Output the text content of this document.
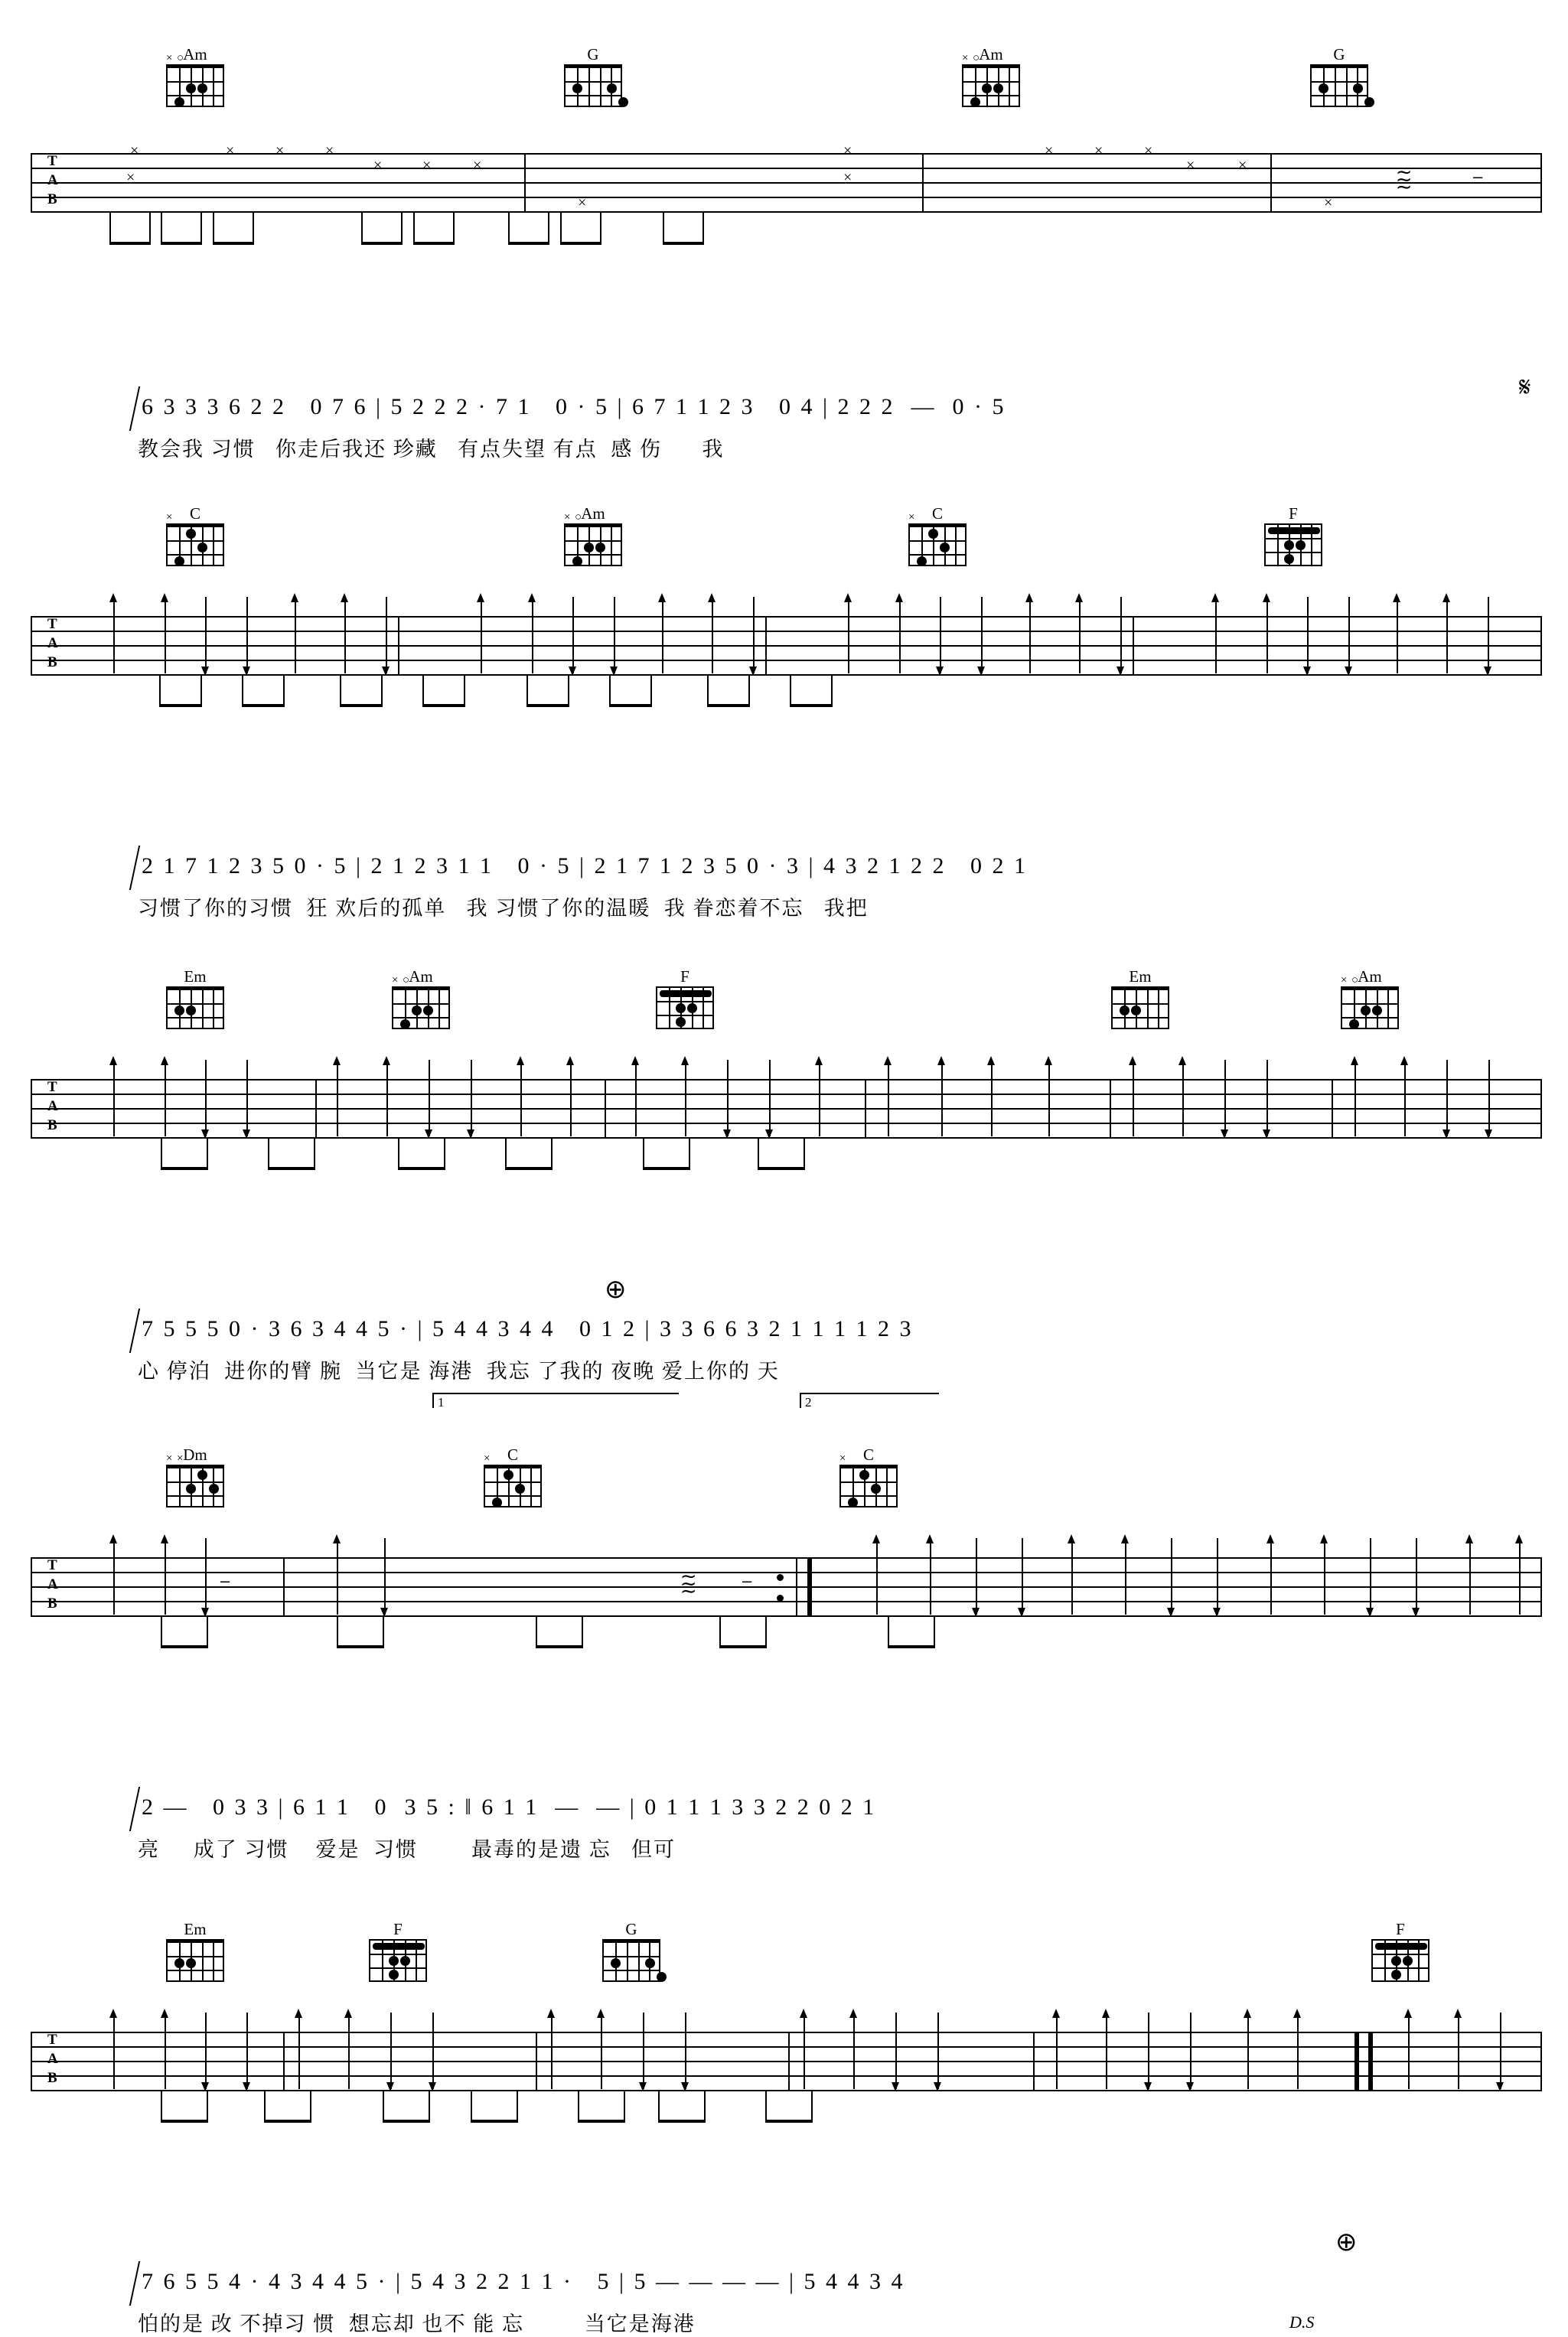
Am
× ○	G	Am
× ○	G
T
A
B
×
×
×	×	×
×	×	×
×
×
×
×	×	×
×	×
×
–
≀≀≀
6 3 3 3 6 2 2   0 7 6 | 5 2 2 2 · 7 1   0 · 5 | 6 7 1 1 2 3   0 4 | 2 2 2  —  0 · 5
教会我 习惯   你走后我还 珍藏   有点失望 有点  感 伤      我
𝄋
C
×	Am
× ○	C
×	F
T
A
B
2 1 7 1 2 3 5 0 · 5 | 2 1 2 3 1 1   0 · 5 | 2 1 7 1 2 3 5 0 · 3 | 4 3 2 1 2 2   0 2 1
习惯了你的习惯  狂 欢后的孤单   我 习惯了你的温暖  我 眷恋着不忘   我把
Em	Am
× ○	F	Em	Am
× ○
T
A
B
⊕
7 5 5 5 0 · 3 6 3 4 4 5 · | 5 4 4 3 4 4   0 1 2 | 3 3 6 6 3 2 1 1 1 1 2 3
心 停泊  进你的臂 腕  当它是 海港  我忘 了我的 夜晚 爱上你的 天
1	2
Dm
× ×	C
×	C
×
T
A
B
–	–
≀≀≀
2 —   0 3 3 | 6 1 1   0  3 5 : ‖ 6 1 1  —  — | 0 1 1 1 3 3 2 2 0 2 1
亮     成了 习惯    爱是  习惯        最毒的是遗 忘   但可
Em	F	G	F
T
A
B
⊕
7 6 5 5 4 · 4 3 4 4 5 · | 5 4 3 2 2 1 1 ·   5 | 5 — — — — | 5 4 4 3 4
怕的是 改 不掉习 惯  想忘却 也不 能 忘         当它是海港	D.S
